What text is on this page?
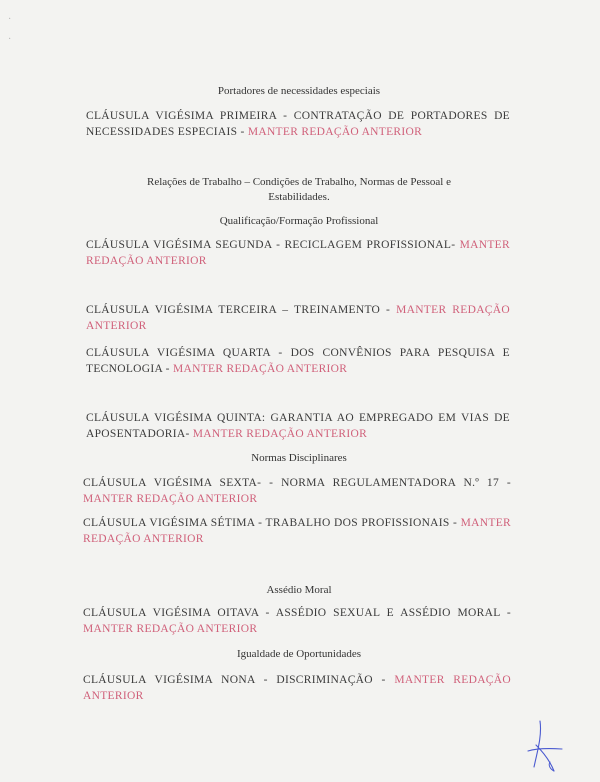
·
·
Portadores de necessidades especiais
CLÁUSULA VIGÉSIMA PRIMEIRA - CONTRATAÇÃO DE PORTADORES DE NECESSIDADES ESPECIAIS - MANTER REDAÇÃO ANTERIOR
Relações de Trabalho – Condições de Trabalho, Normas de Pessoal e
Estabilidades.
Qualificação/Formação Profissional
CLÁUSULA VIGÉSIMA SEGUNDA - RECICLAGEM PROFISSIONAL- MANTER REDAÇÃO ANTERIOR
CLÁUSULA VIGÉSIMA TERCEIRA – TREINAMENTO - MANTER REDAÇÃO ANTERIOR
CLÁUSULA VIGÉSIMA QUARTA - DOS CONVÊNIOS PARA PESQUISA E TECNOLOGIA - MANTER REDAÇÃO ANTERIOR
CLÁUSULA VIGÉSIMA QUINTA: GARANTIA AO EMPREGADO EM VIAS DE APOSENTADORIA- MANTER REDAÇÃO ANTERIOR
Normas Disciplinares
CLÁUSULA VIGÉSIMA SEXTA- - NORMA REGULAMENTADORA N.º 17 - MANTER REDAÇÃO ANTERIOR
CLÁUSULA VIGÉSIMA SÉTIMA - TRABALHO DOS PROFISSIONAIS - MANTER REDAÇÃO ANTERIOR
Assédio Moral
CLÁUSULA VIGÉSIMA OITAVA - ASSÉDIO SEXUAL E ASSÉDIO MORAL - MANTER REDAÇÃO ANTERIOR
Igualdade de Oportunidades
CLÁUSULA VIGÉSIMA NONA - DISCRIMINAÇÃO - MANTER REDAÇÃO ANTERIOR
